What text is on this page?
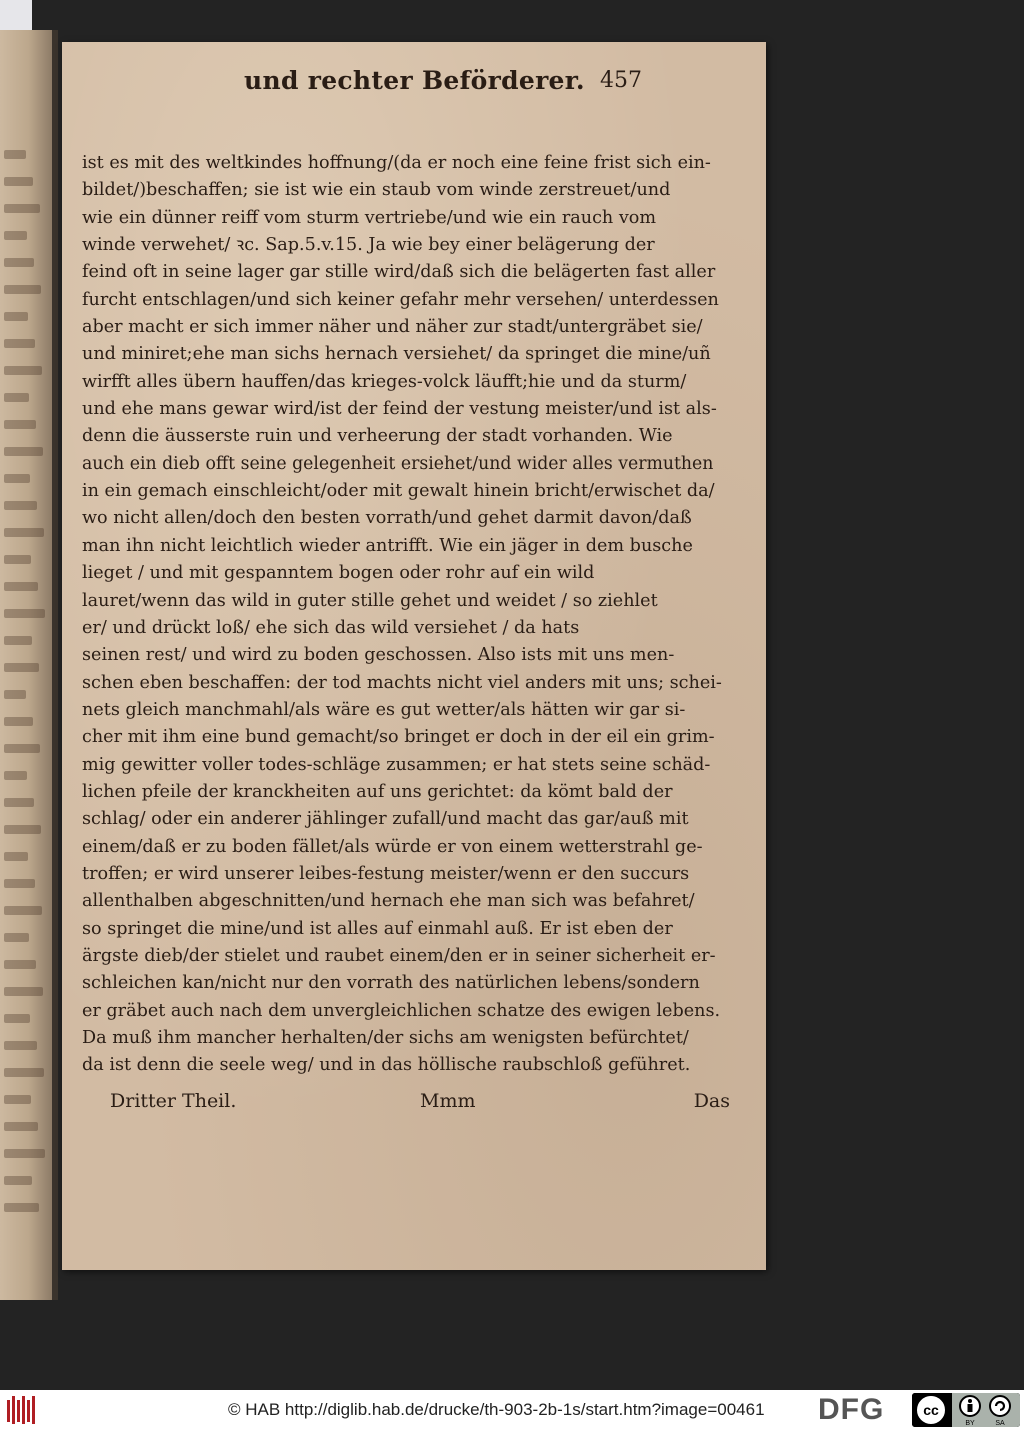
und rechter Beförderer. 457
ist es mit des weltkindes hoffnung/(da er noch eine feine frist sich ein-
bildet/)beschaffen; sie ist wie ein staub vom winde zerstreuet/und
wie ein dünner reiff vom sturm vertriebe/und wie ein rauch vom
winde verwehet/ ꝛc. Sap.5.v.15. Ja wie bey einer belägerung der
feind oft in seine lager gar stille wird/daß sich die belägerten fast aller
furcht entschlagen/und sich keiner gefahr mehr versehen/ unterdessen
aber macht er sich immer näher und näher zur stadt/untergräbet sie/
und miniret;ehe man sichs hernach versiehet/ da springet die mine/uñ
wirfft alles übern hauffen/das krieges-volck läufft;hie und da sturm/
und ehe mans gewar wird/ist der feind der vestung meister/und ist als-
denn die äusserste ruin und verheerung der stadt vorhanden. Wie
auch ein dieb offt seine gelegenheit ersiehet/und wider alles vermuthen
in ein gemach einschleicht/oder mit gewalt hinein bricht/erwischet da/
wo nicht allen/doch den besten vorrath/und gehet darmit davon/daß
man ihn nicht leichtlich wieder antrifft. Wie ein jäger in dem busche
lieget / und mit gespanntem bogen oder rohr auf ein wild
lauret/wenn das wild in guter stille gehet und weidet / so ziehlet
er/ und drückt loß/ ehe sich das wild versiehet / da hats
seinen rest/ und wird zu boden geschossen. Also ists mit uns men-
schen eben beschaffen: der tod machts nicht viel anders mit uns; schei-
nets gleich manchmahl/als wäre es gut wetter/als hätten wir gar si-
cher mit ihm eine bund gemacht/so bringet er doch in der eil ein grim-
mig gewitter voller todes-schläge zusammen; er hat stets seine schäd-
lichen pfeile der kranckheiten auf uns gerichtet: da kömt bald der
schlag/ oder ein anderer jählinger zufall/und macht das gar/auß mit
einem/daß er zu boden fället/als würde er von einem wetterstrahl ge-
troffen; er wird unserer leibes-festung meister/wenn er den succurs
allenthalben abgeschnitten/und hernach ehe man sich was befahret/
so springet die mine/und ist alles auf einmahl auß. Er ist eben der
ärgste dieb/der stielet und raubet einem/den er in seiner sicherheit er-
schleichen kan/nicht nur den vorrath des natürlichen lebens/sondern
er gräbet auch nach dem unvergleichlichen schatze des ewigen lebens.
Da muß ihm mancher herhalten/der sichs am wenigsten befürchtet/
da ist denn die seele weg/ und in das höllische raubschloß geführet.
Dritter Theil.	Mmm	Das
© HAB http://diglib.hab.de/drucke/th-903-2b-1s/start.htm?image=00461 DFG	cc
BY	SA
